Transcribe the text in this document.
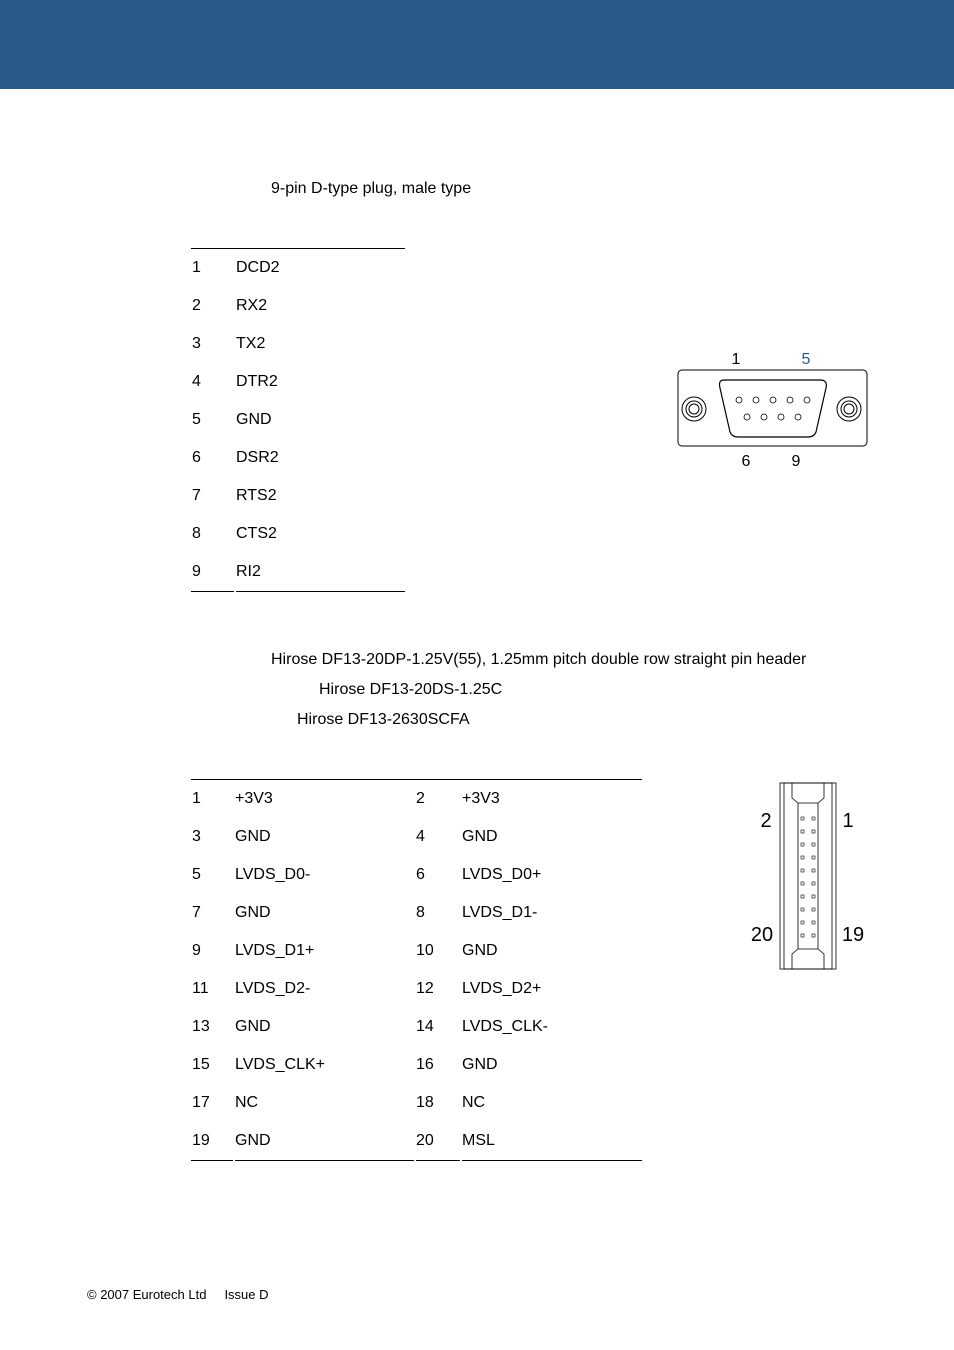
9-pin D-type plug, male type
1 DCD2
2 RX2
3 TX2
4 DTR2
5 GND
6 DSR2
7 RTS2
8 CTS2
9 RI2
1	5
6	9
Hirose DF13-20DP-1.25V(55), 1.25mm pitch double row straight pin header
Hirose DF13-20DS-1.25C
Hirose DF13-2630SCFA
1 +3V3	2 +3V3
3 GND	4 GND
5 LVDS_D0-	6 LVDS_D0+
7 GND	8 LVDS_D1-
9 LVDS_D1+	10 GND
11 LVDS_D2-	12 LVDS_D2+
13 GND	14 LVDS_CLK-
15 LVDS_CLK+	16 GND
17 NC	18 NC
19 GND	20 MSL
2	1
20	19
© 2007 Eurotech Ltd Issue D
